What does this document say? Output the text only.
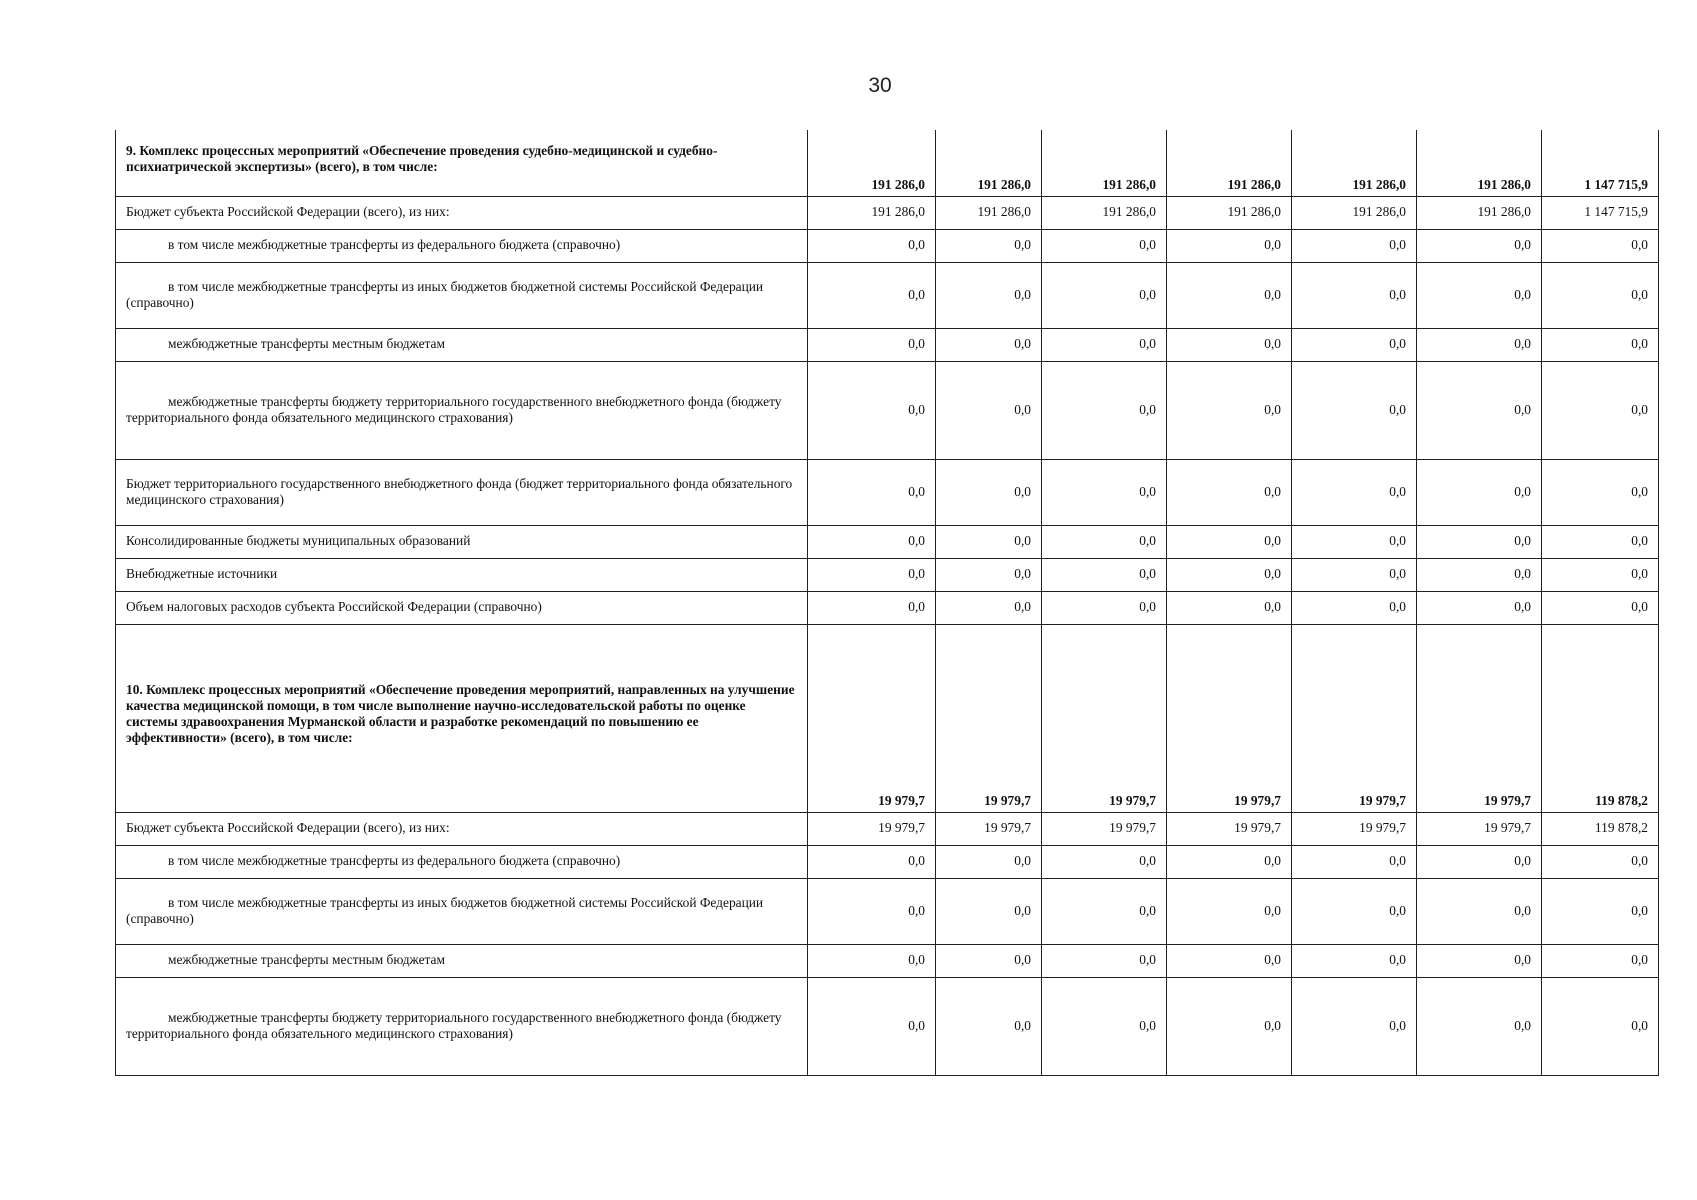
30
9. Комплекс процессных мероприятий «Обеспечение проведения судебно-медицинской и судебно-психиатрической экспертизы» (всего), в том числе:	191 286,0	191 286,0	191 286,0	191 286,0	191 286,0	191 286,0	1 147 715,9
Бюджет субъекта Российской Федерации (всего), из них:	191 286,0	191 286,0	191 286,0	191 286,0	191 286,0	191 286,0	1 147 715,9
в том числе межбюджетные трансферты из федерального бюджета (справочно)	0,0	0,0	0,0	0,0	0,0	0,0	0,0
в том числе межбюджетные трансферты из иных бюджетов бюджетной системы Российской Федерации (справочно)	0,0	0,0	0,0	0,0	0,0	0,0	0,0
межбюджетные трансферты местным бюджетам	0,0	0,0	0,0	0,0	0,0	0,0	0,0
межбюджетные трансферты бюджету территориального государственного внебюджетного фонда (бюджету территориального фонда обязательного медицинского страхования)	0,0	0,0	0,0	0,0	0,0	0,0	0,0
Бюджет территориального государственного внебюджетного фонда (бюджет территориального фонда обязательного медицинского страхования)	0,0	0,0	0,0	0,0	0,0	0,0	0,0
Консолидированные бюджеты муниципальных образований	0,0	0,0	0,0	0,0	0,0	0,0	0,0
Внебюджетные источники	0,0	0,0	0,0	0,0	0,0	0,0	0,0
Объем налоговых расходов субъекта Российской Федерации (справочно)	0,0	0,0	0,0	0,0	0,0	0,0	0,0
10. Комплекс процессных мероприятий «Обеспечение проведения мероприятий, направленных на улучшение качества медицинской помощи, в том числе выполнение научно-исследовательской работы по оценке системы здравоохранения Мурманской области и разработке рекомендаций по повышению ее эффективности» (всего), в том числе:	19 979,7	19 979,7	19 979,7	19 979,7	19 979,7	19 979,7	119 878,2
Бюджет субъекта Российской Федерации (всего), из них:	19 979,7	19 979,7	19 979,7	19 979,7	19 979,7	19 979,7	119 878,2
в том числе межбюджетные трансферты из федерального бюджета (справочно)	0,0	0,0	0,0	0,0	0,0	0,0	0,0
в том числе межбюджетные трансферты из иных бюджетов бюджетной системы Российской Федерации (справочно)	0,0	0,0	0,0	0,0	0,0	0,0	0,0
межбюджетные трансферты местным бюджетам	0,0	0,0	0,0	0,0	0,0	0,0	0,0
межбюджетные трансферты бюджету территориального государственного внебюджетного фонда (бюджету территориального фонда обязательного медицинского страхования)	0,0	0,0	0,0	0,0	0,0	0,0	0,0
